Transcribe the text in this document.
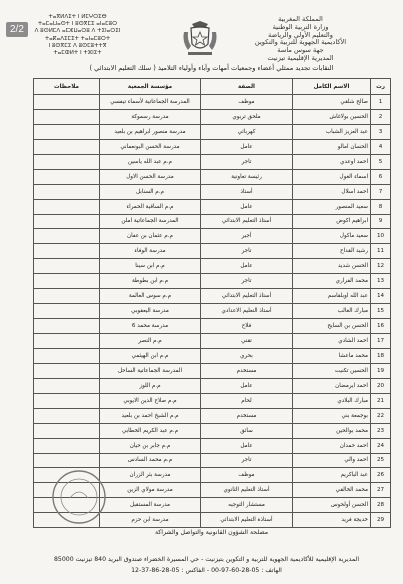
2/2
ⵜⴰⴳⵍⴷⵉⵜ ⵏ ⵍⵎⵖⵔⵉⴱ
ⵜⴰⵎⴰⵡⴰⵙⵜ ⵏ ⵓⵙⴳⵎⵉ ⴰⵏⴰⵎⵓⵔ
ⴷ ⵓⵙⵍⵎⴷ ⴰⵎⵣⵡⴰⵔⵓ ⴷ ⵜⵉⵏⴰⵔⵉⵏ
ⵜⴰⴽⴰⴷⵉⵎⵉⵜ ⵜⴰⵏⴰⵎⵓⵔⵜ
ⵏ ⵓⵙⴳⵎⵉ ⴷ ⵓⵙⵎⵓⵜⵜⴳ
ⵜⴰⵎⵀⵍⵜ ⵏ ⵜⵣⵏⵉⵜ
المملكة المغربية
وزارة التربية الوطنية
والتعليم الأولي والرياضة
الأكاديمية الجهوية للتربية والتكوين
جهة سوس ماسة
المديرية الإقليمية تيزنيت
النقابات تجديد ممثلي أعضاء وجمعيات أمهات وآباء وأولياء التلاميذ ( سلك التعليم الابتدائي )
رت	الاسم الكامل	الصفة	مؤسسة الجمعية	ملاحظات
1	صالح شلقي	موظف	المدرسة الجماعاتية لأسماء تيفسي	
2	الحسين بولاغاش	ملحق تربوي	مدرسة رسموكة	
3	عبد العزيز الشباب	كهربائي	مدرسة منصور ابراهيم بن بلعيد	
4	الحسان امالو	عامل	مدرسة الحسن البونعماني	
5	احمد اوعدي	تاجر	م.م عبد الله ياسين	
6	اسماء الغول	رئيسة تعاونية	مدرسة الحسن الاول	
7	احمد اسلال	أستاذ	م.م السنابل	
8	سعيد المنصور	عامل	م.م الساقية الحمراء	
9	ابراهيم اكوض	أستاذ التعليم الابتدائي	المدرسة الجماعاتية املن	
10	سعيد ماكول	أجير	م.م عثمان بن عفان	
11	رشيد القداح	تاجر	مدرسة الوفاء	
12	الحسن شديد	عامل	م.م ابن سينا	
13	محمد الفراري	تاجر	م.م ابن بطوطة	
14	عبد الله اوبلقاسم	أستاذ التعليم الابتدائي	م.م سوس العالمة	
15	مبارك الغالب	أستاذ التعليم الاعدادي	مدرسة اليعقوبي	
16	الحسن بن السايح	فلاح	مدرسة محمد 6	
17	احمد الشادي	تقني	م.م النصر	
18	محمد ماعشا	بحري	م.م ابن الهيثمي	
19	الحسين تكنيت	مستخدم	المدرسة الجماعاتية الساحل	
20	احمد ايرمضان	عامل	م.م اللوز	
21	مبارك البلادي	لحام	م.م صلاح الدين الايوبي	
22	بوجمعة بني	مستخدم	م.م الشيخ احمد بن بلعيد	
23	محمد بوالحين	سائق	م.م عبد الكريم الخطابي	
24	احمد حمدان	عامل	م.م جابر بن حيان	
25	احمد والي	تاجر	م.م محمد السادس	
26	عبد الباكريم	موظف	مدرسة بئر الزران	
27	محمد الخالقي	أستاذ التعليم الثانوي	مدرسة مولاي الزين	
28	الحسن أولحوس	مستشار التوجيه	مدرسة المستقبل	
29	خديجة فريد	أستاذة التعليم الابتدائي	مدرسة ابن حزم	
مصلحة الشؤون القانونية والتواصل والشراكة
المديرية الإقليمية للأكاديمية الجهوية للتربية و التكوين بتيزنيت - حي المسيرة الخضراء صندوق البريد 840 تيزنيت 85000
الهاتف : 05-28-60-97-00 - الفاكس : 05-28-86-37-12
